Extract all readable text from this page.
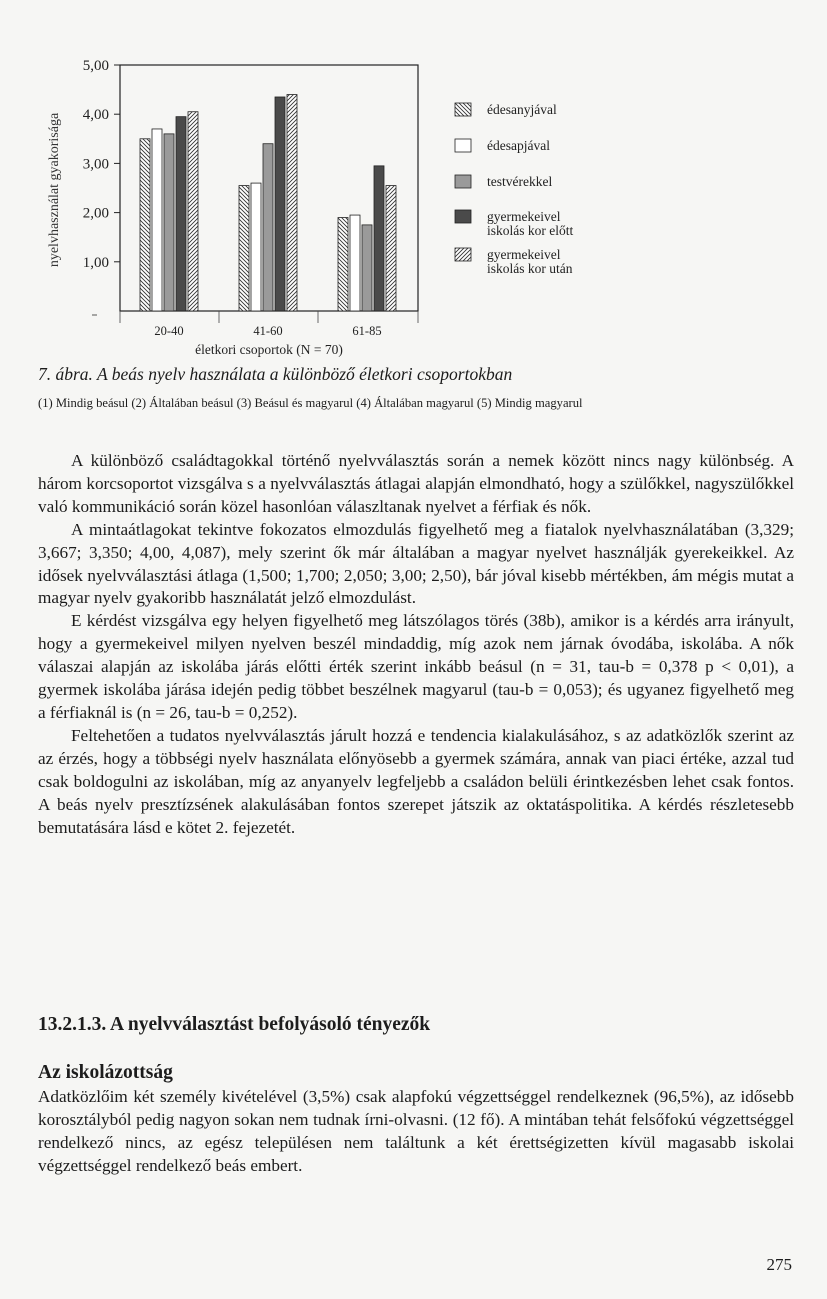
nyelvhasználat gyakorisága
5,00
4,00
3,00
2,00
1,00
20-40	41-60	61-85
életkori csoportok (N = 70)
édesanyjával
édesapjával
testvérekkel
gyermekeivel
iskolás kor előtt
gyermekeivel
iskolás kor után
7. ábra. A beás nyelv használata a különböző életkori csoportokban
(1) Mindig beásul (2) Általában beásul (3) Beásul és magyarul (4) Általában magyarul (5) Mindig magyarul

A különböző családtagokkal történő nyelvválasztás során a nemek között nincs nagy különbség. A három korcsoportot vizsgálva s a nyelvválasztás átlagai alapján elmondható, hogy a szülőkkel, nagyszülőkkel való kommunikáció során közel hasonlóan válaszltanak nyelvet a férfiak és nők.

A mintaátlagokat tekintve fokozatos elmozdulás figyelhető meg a fiatalok nyelvhasználatában (3,329; 3,667; 3,350; 4,00, 4,087), mely szerint ők már általában a magyar nyelvet használják gyerekeikkel. Az idősek nyelvválasztási átlaga (1,500; 1,700; 2,050; 3,00; 2,50), bár jóval kisebb mértékben, ám mégis mutat a magyar nyelv gyakoribb használatát jelző elmozdulást.

E kérdést vizsgálva egy helyen figyelhető meg látszólagos törés (38b), amikor is a kérdés arra irányult, hogy a gyermekeivel milyen nyelven beszél mindaddig, míg azok nem járnak óvodába, iskolába. A nők válaszai alapján az iskolába járás előtti érték szerint inkább beásul (n = 31, tau-b = 0,378 p < 0,01), a gyermek iskolába járása idején pedig többet beszélnek magyarul (tau-b = 0,053); és ugyanez figyelhető meg a férfiaknál is (n = 26, tau-b = 0,252).

Feltehetően a tudatos nyelvválasztás járult hozzá e tendencia kialakulásához, s az adatközlők szerint az az érzés, hogy a többségi nyelv használata előnyösebb a gyermek számára, annak van piaci értéke, azzal tud csak boldogulni az iskolában, míg az anyanyelv legfeljebb a családon belüli érintkezésben lehet csak fontos. A beás nyelv presztízsének alakulásában fontos szerepet játszik az oktatáspolitika. A kérdés részletesebb bemutatására lásd e kötet 2. fejezetét.

13.2.1.3. A nyelvválasztást befolyásoló tényezők
Az iskolázottság

Adatközlőim két személy kivételével (3,5%) csak alapfokú végzettséggel rendelkeznek (96,5%), az idősebb korosztályból pedig nagyon sokan nem tudnak írni-olvasni. (12 fő). A mintában tehát felsőfokú végzettséggel rendelkező nincs, az egész településen nem találtunk a két érettségizetten kívül magasabb iskolai végzettséggel rendelkező beás embert.

275
